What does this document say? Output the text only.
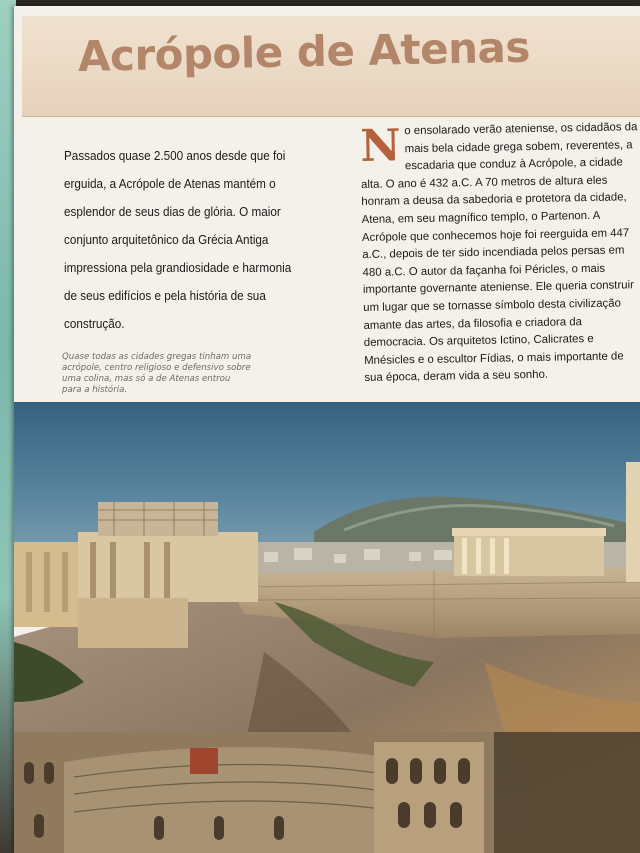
Acrópole de Atenas

Passados quase 2.500 anos desde que foi erguida, a Acrópole de Atenas mantém o esplendor de seus dias de glória. O maior conjunto arquitetônico da Grécia Antiga impressiona pela grandiosidade e harmonia de seus edifícios e pela história de sua construção.

Quase todas as cidades gregas tinham uma acrópole, centro religioso e defensivo sobre uma colina, mas só a de Atenas entrou para a história.

No ensolarado verão ateniense, os cidadãos da mais bela cidade grega sobem, reverentes, a escadaria que conduz à Acrópole, a cidade alta. O ano é 432 a.C. A 70 metros de altura eles honram a deusa da sabedoria e protetora da cidade, Atena, em seu magnífico templo, o Partenon. A Acrópole que conhecemos hoje foi reerguida em 447 a.C., depois de ter sido incendiada pelos persas em 480 a.C. O autor da façanha foi Péricles, o mais importante governante ateniense. Ele queria construir um lugar que se tornasse símbolo desta civilização amante das artes, da filosofia e criadora da democracia. Os arquitetos Ictino, Calicrates e Mnésicles e o escultor Fídias, o mais importante de sua época, deram vida a seu sonho.
